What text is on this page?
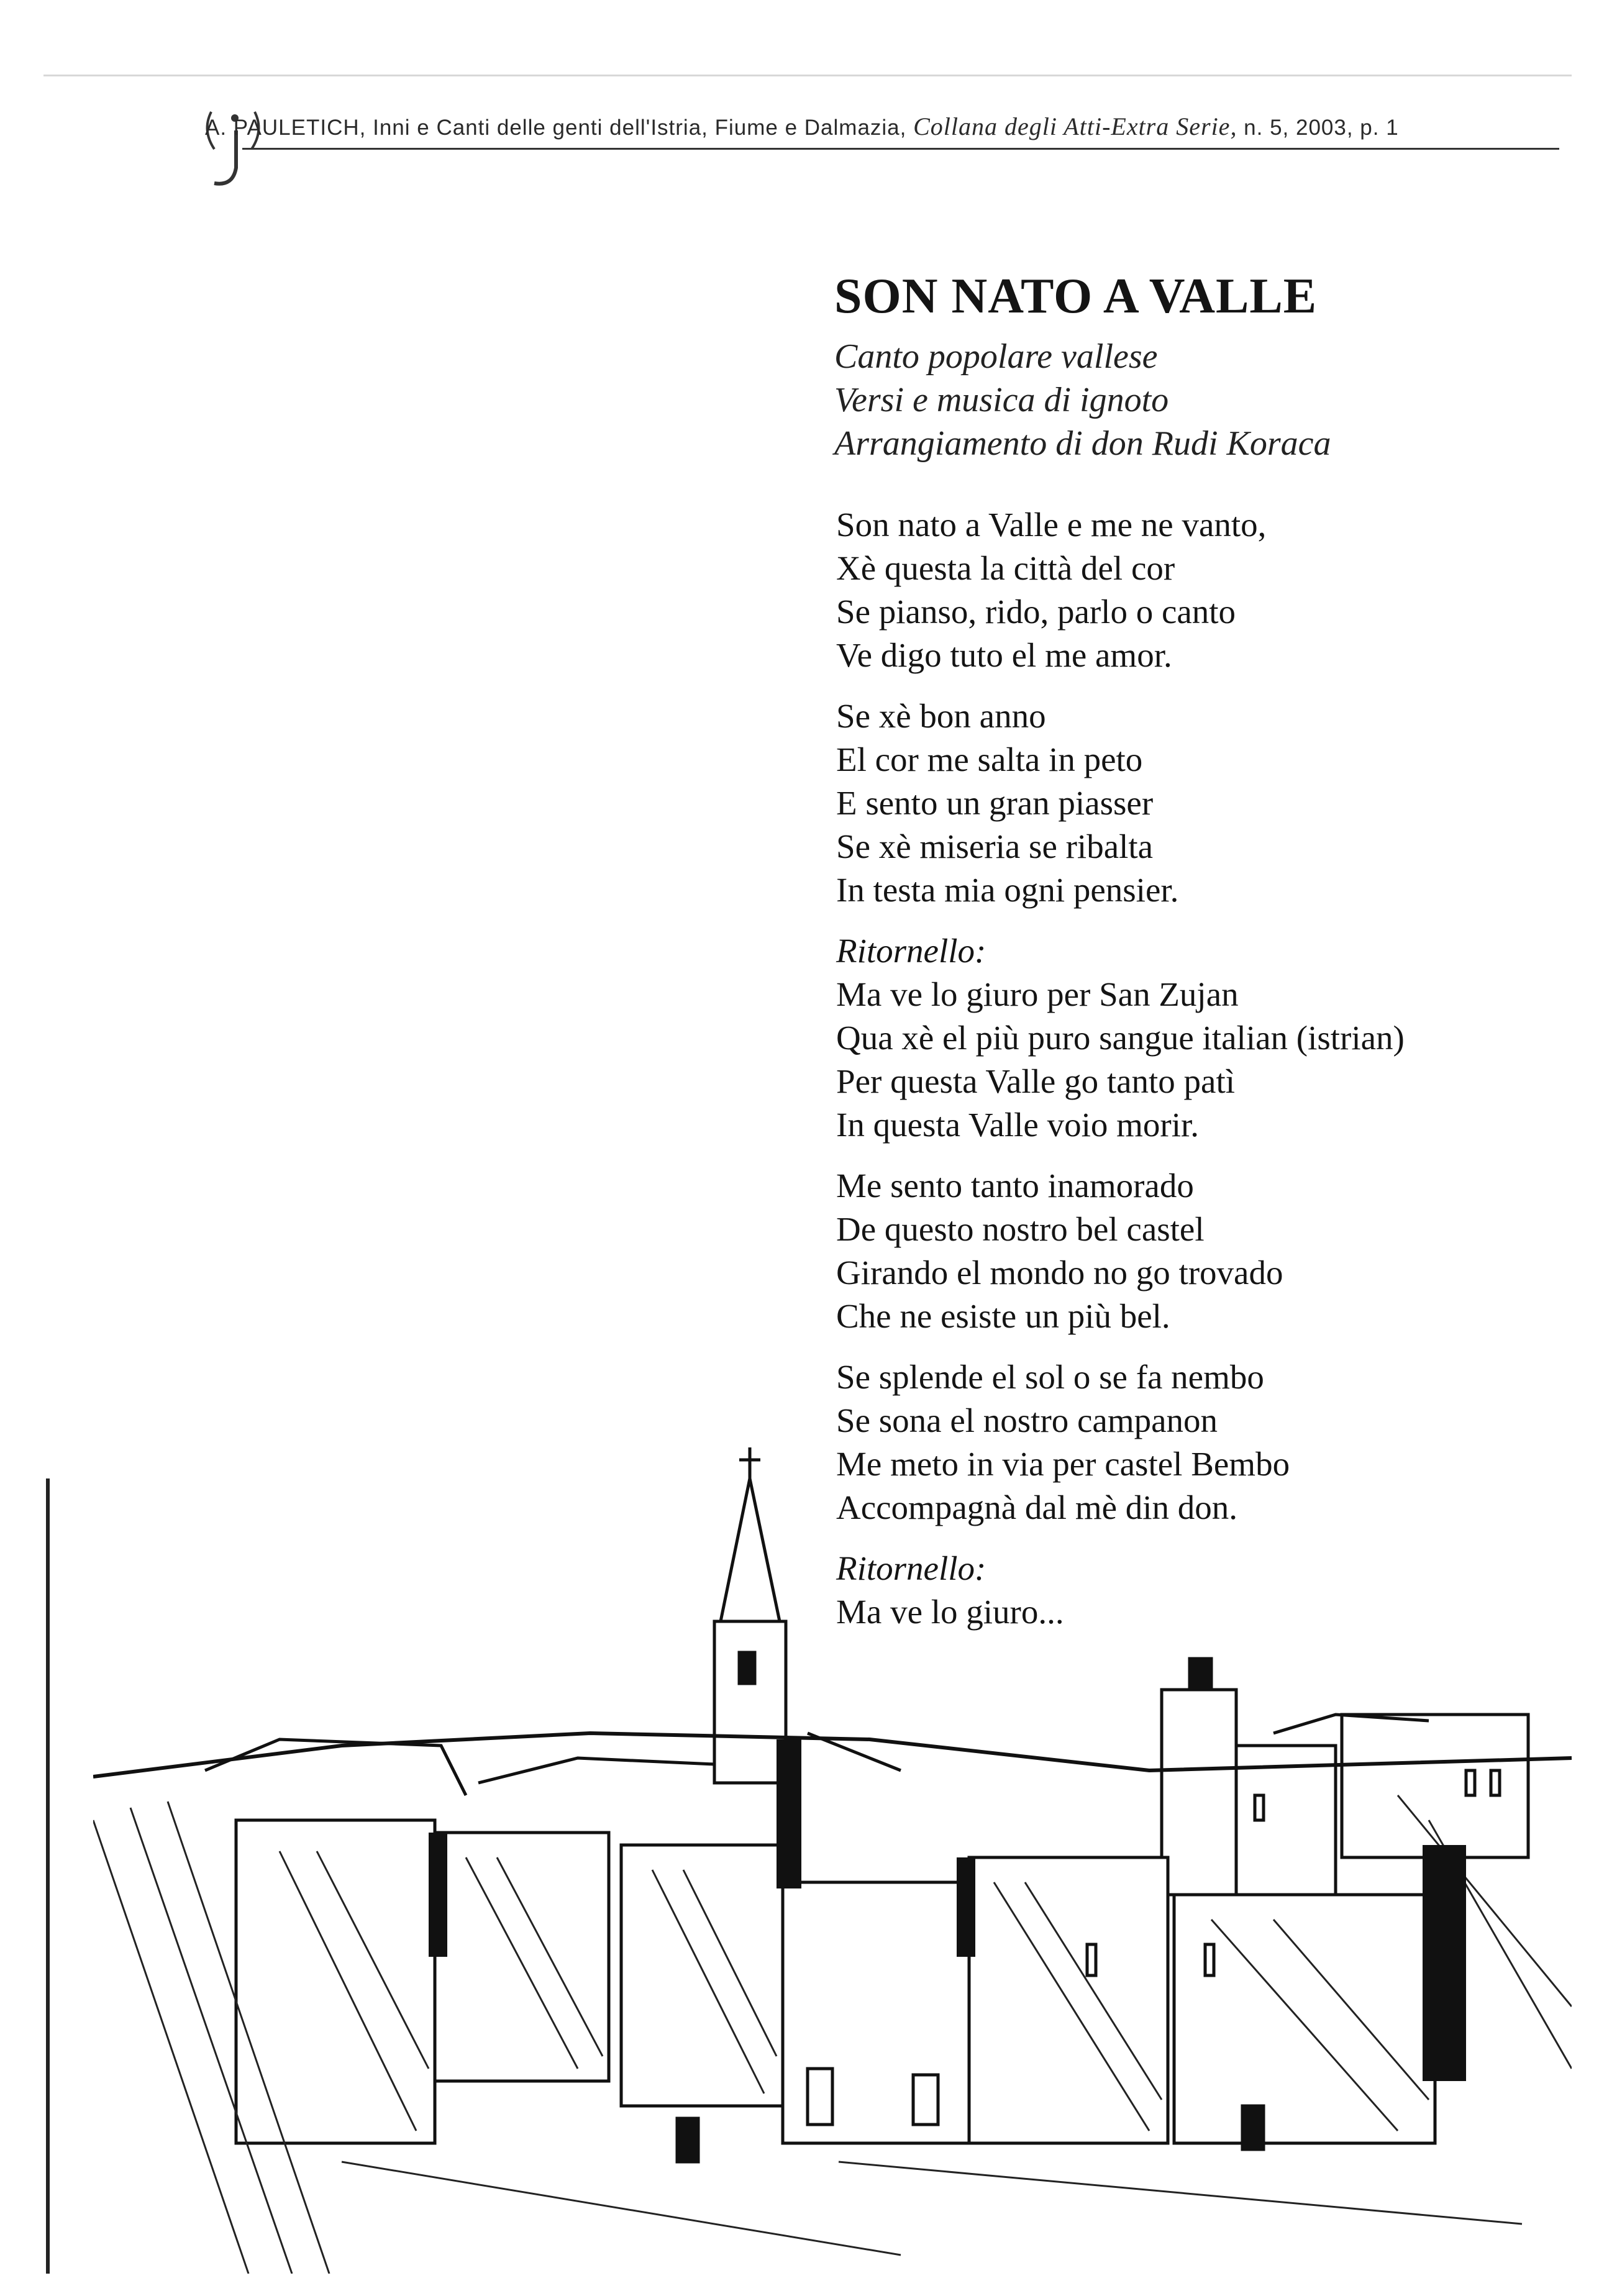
A. PAULETICH, Inni e Canti delle genti dell'Istria, Fiume e Dalmazia, Collana degli Atti-Extra Serie, n. 5, 2003, p. 1
SON NATO A VALLE
Canto popolare vallese
Versi e musica di ignoto
Arrangiamento di don Rudi Koraca
Son nato a Valle e me ne vanto,
Xè questa la città del cor
Se pianso, rido, parlo o canto
Ve digo tuto el me amor.
Se xè bon anno
El cor me salta in peto
E sento un gran piasser
Se xè miseria se ribalta
In testa mia ogni pensier.
Ritornello:
Ma ve lo giuro per San Zujan
Qua xè el più puro sangue italian (istrian)
Per questa Valle go tanto patì
In questa Valle voio morir.
Me sento tanto inamorado
De questo nostro bel castel
Girando el mondo no go trovado
Che ne esiste un più bel.
Se splende el sol o se fa nembo
Se sona el nostro campanon
Me meto in via per castel Bembo
Accompagnà dal mè din don.
Ritornello:
Ma ve lo giuro...
